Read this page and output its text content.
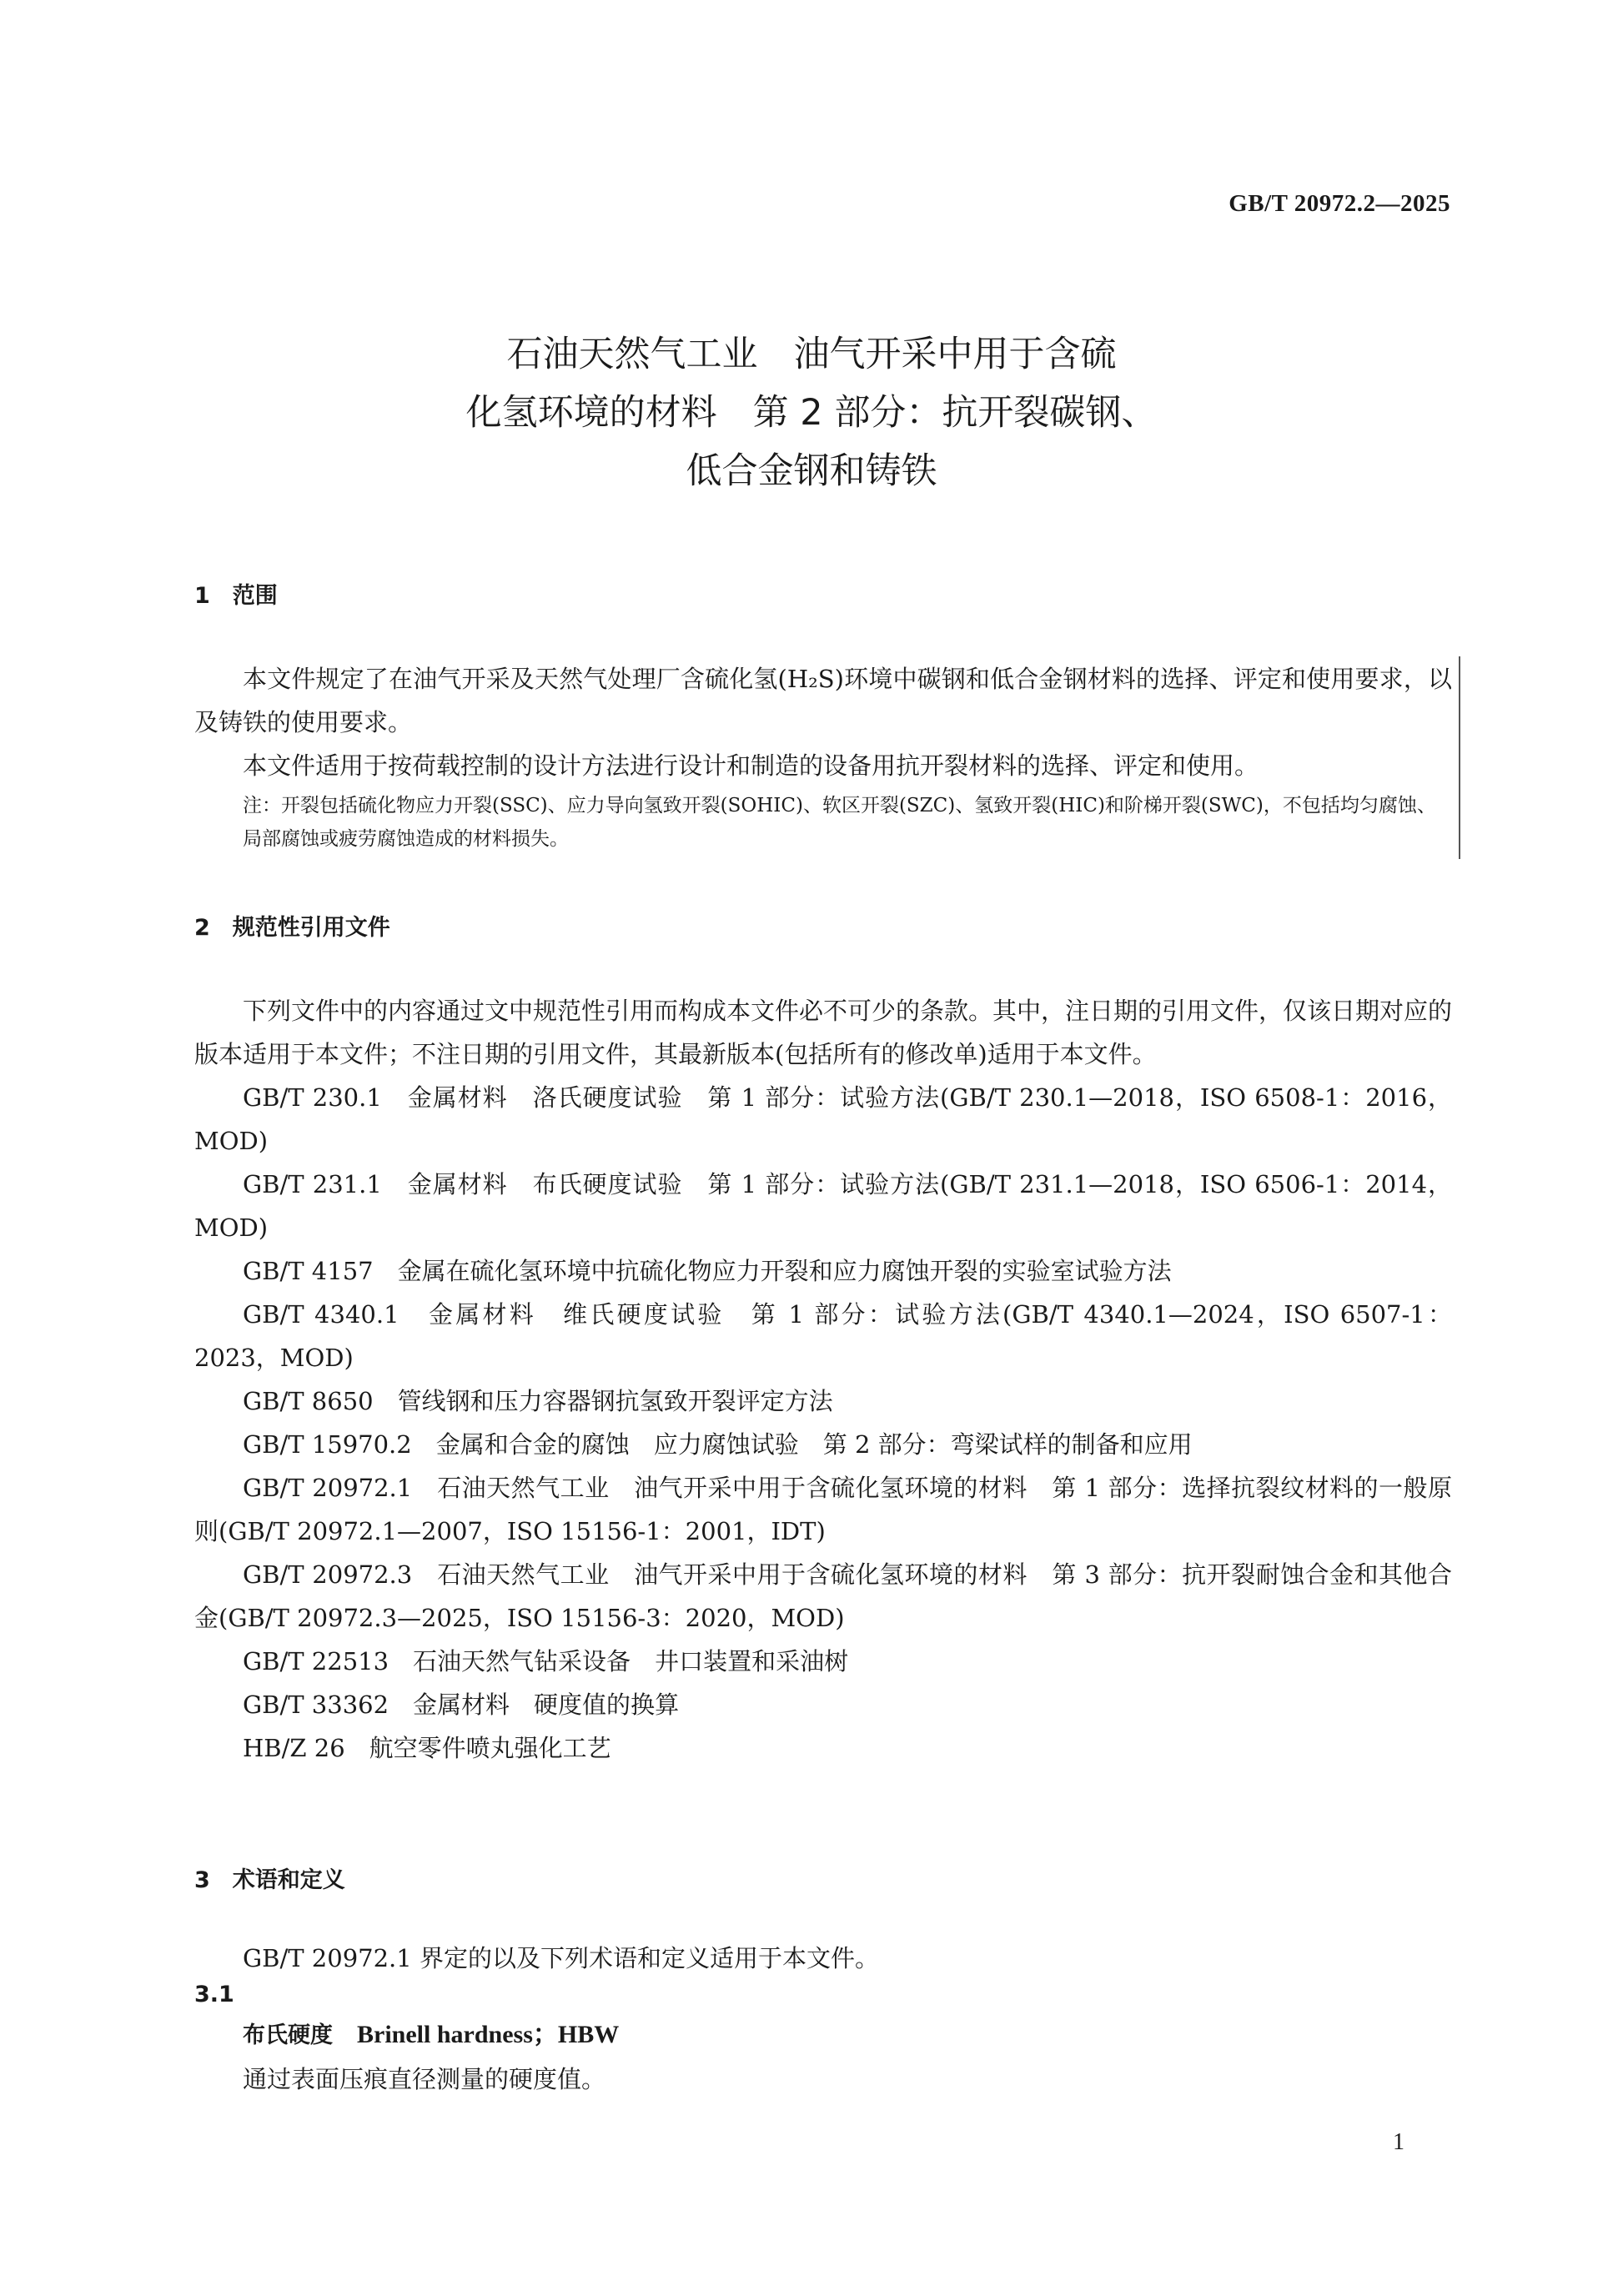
GB/T 20972.2—2025
石油天然气工业　油气开采中用于含硫
化氢环境的材料　第 2 部分：抗开裂碳钢、
低合金钢和铸铁
1　范围

本文件规定了在油气开采及天然气处理厂含硫化氢(H₂S)环境中碳钢和低合金钢材料的选择、评定和使用要求，以及铸铁的使用要求。

本文件适用于按荷载控制的设计方法进行设计和制造的设备用抗开裂材料的选择、评定和使用。

注：开裂包括硫化物应力开裂(SSC)、应力导向氢致开裂(SOHIC)、软区开裂(SZC)、氢致开裂(HIC)和阶梯开裂(SWC)，不包括均匀腐蚀、局部腐蚀或疲劳腐蚀造成的材料损失。

2　规范性引用文件

下列文件中的内容通过文中规范性引用而构成本文件必不可少的条款。其中，注日期的引用文件，仅该日期对应的版本适用于本文件；不注日期的引用文件，其最新版本(包括所有的修改单)适用于本文件。

GB/T 230.1　金属材料　洛氏硬度试验　第 1 部分：试验方法(GB/T 230.1—2018，ISO 6508-1：2016，MOD)

GB/T 231.1　金属材料　布氏硬度试验　第 1 部分：试验方法(GB/T 231.1—2018，ISO 6506-1：2014，MOD)

GB/T 4157　金属在硫化氢环境中抗硫化物应力开裂和应力腐蚀开裂的实验室试验方法

GB/T 4340.1　金属材料　维氏硬度试验　第 1 部分：试验方法(GB/T 4340.1—2024，ISO 6507-1：2023，MOD)

GB/T 8650　管线钢和压力容器钢抗氢致开裂评定方法

GB/T 15970.2　金属和合金的腐蚀　应力腐蚀试验　第 2 部分：弯梁试样的制备和应用

GB/T 20972.1　石油天然气工业　油气开采中用于含硫化氢环境的材料　第 1 部分：选择抗裂纹材料的一般原则(GB/T 20972.1—2007，ISO 15156-1：2001，IDT)

GB/T 20972.3　石油天然气工业　油气开采中用于含硫化氢环境的材料　第 3 部分：抗开裂耐蚀合金和其他合金(GB/T 20972.3—2025，ISO 15156-3：2020，MOD)

GB/T 22513　石油天然气钻采设备　井口装置和采油树

GB/T 33362　金属材料　硬度值的换算

HB/Z 26　航空零件喷丸强化工艺

3　术语和定义

GB/T 20972.1 界定的以及下列术语和定义适用于本文件。

3.1
布氏硬度　 Brinell hardness；HBW
通过表面压痕直径测量的硬度值。
1
